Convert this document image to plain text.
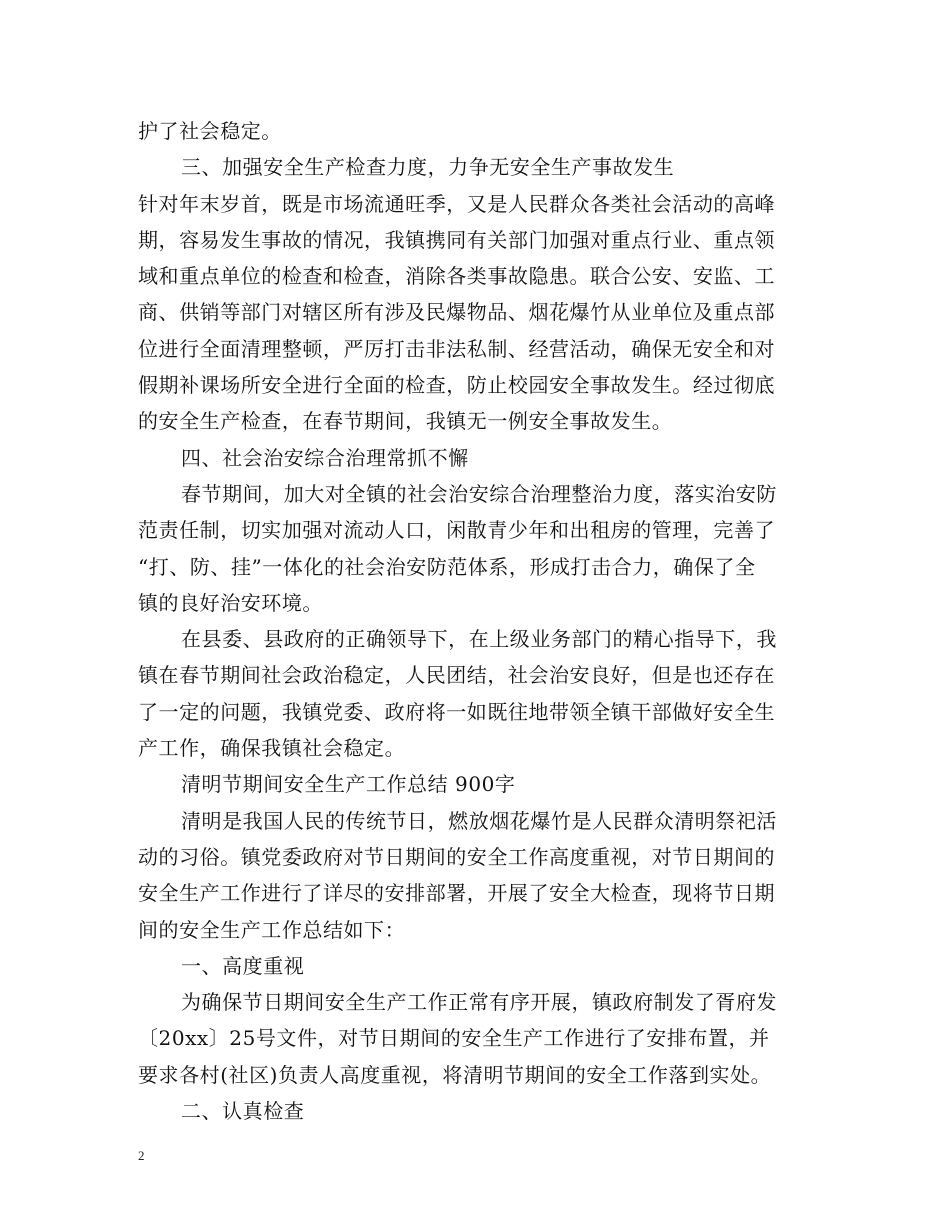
护了社会稳定。
三、加强安全生产检查力度，力争无安全生产事故发生
针对年末岁首，既是市场流通旺季，又是人民群众各类社会活动的高峰
期，容易发生事故的情况，我镇携同有关部门加强对重点行业、重点领
域和重点单位的检查和检查，消除各类事故隐患。联合公安、安监、工
商、供销等部门对辖区所有涉及民爆物品、烟花爆竹从业单位及重点部
位进行全面清理整顿，严厉打击非法私制、经营活动，确保无安全和对
假期补课场所安全进行全面的检查，防止校园安全事故发生。经过彻底
的安全生产检查，在春节期间，我镇无一例安全事故发生。
四、社会治安综合治理常抓不懈
春节期间，加大对全镇的社会治安综合治理整治力度，落实治安防
范责任制，切实加强对流动人口，闲散青少年和出租房的管理，完善了
“打、防、挂”一体化的社会治安防范体系，形成打击合力，确保了全
镇的良好治安环境。
在县委、县政府的正确领导下，在上级业务部门的精心指导下，我
镇在春节期间社会政治稳定，人民团结，社会治安良好，但是也还存在
了一定的问题，我镇党委、政府将一如既往地带领全镇干部做好安全生
产工作，确保我镇社会稳定。
清明节期间安全生产工作总结 900字
清明是我国人民的传统节日，燃放烟花爆竹是人民群众清明祭祀活
动的习俗。镇党委政府对节日期间的安全工作高度重视，对节日期间的
安全生产工作进行了详尽的安排部署，开展了安全大检查，现将节日期
间的安全生产工作总结如下：
一、高度重视
为确保节日期间安全生产工作正常有序开展，镇政府制发了胥府发
〔20xx〕25号文件，对节日期间的安全生产工作进行了安排布置，并
要求各村(社区)负责人高度重视，将清明节期间的安全工作落到实处。
二、认真检查
2
